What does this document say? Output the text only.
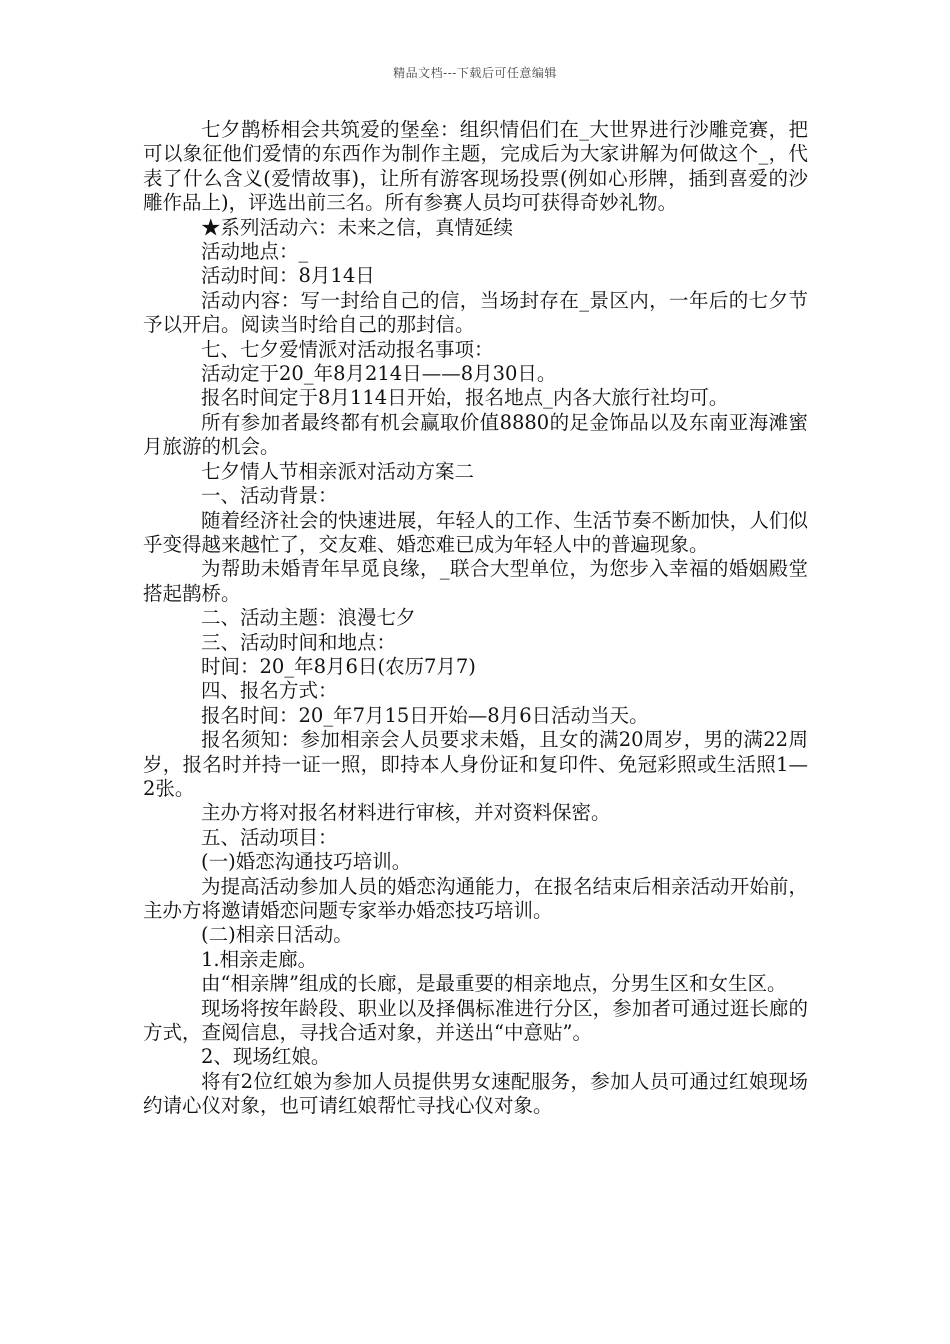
精品文档---下载后可任意编辑

七夕鹊桥相会共筑爱的堡垒：组织情侣们在_大世界进行沙雕竞赛，把可以象征他们爱情的东西作为制作主题，完成后为大家讲解为何做这个_，代表了什么含义(爱情故事)，让所有游客现场投票(例如心形牌，插到喜爱的沙雕作品上)，评选出前三名。所有参赛人员均可获得奇妙礼物。

★系列活动六：未来之信，真情延续

活动地点：_

活动时间：8月14日

活动内容：写一封给自己的信，当场封存在_景区内，一年后的七夕节予以开启。阅读当时给自己的那封信。

七、七夕爱情派对活动报名事项：

活动定于20_年8月214日——8月30日。

报名时间定于8月114日开始，报名地点_内各大旅行社均可。

所有参加者最终都有机会赢取价值8880的足金饰品以及东南亚海滩蜜月旅游的机会。

七夕情人节相亲派对活动方案二

一、活动背景：

随着经济社会的快速进展，年轻人的工作、生活节奏不断加快，人们似乎变得越来越忙了，交友难、婚恋难已成为年轻人中的普遍现象。

为帮助未婚青年早觅良缘，_联合大型单位，为您步入幸福的婚姻殿堂搭起鹊桥。

二、活动主题：浪漫七夕

三、活动时间和地点：

时间：20_年8月6日(农历7月7)

四、报名方式：

报名时间：20_年7月15日开始—8月6日活动当天。

报名须知：参加相亲会人员要求未婚，且女的满20周岁，男的满22周岁，报名时并持一证一照，即持本人身份证和复印件、免冠彩照或生活照1—2张。

主办方将对报名材料进行审核，并对资料保密。

五、活动项目：

(一)婚恋沟通技巧培训。

为提高活动参加人员的婚恋沟通能力，在报名结束后相亲活动开始前，主办方将邀请婚恋问题专家举办婚恋技巧培训。

(二)相亲日活动。

1.相亲走廊。

由“相亲牌”组成的长廊，是最重要的相亲地点，分男生区和女生区。

现场将按年龄段、职业以及择偶标准进行分区，参加者可通过逛长廊的方式，查阅信息，寻找合适对象，并送出“中意贴”。

2、现场红娘。

将有2位红娘为参加人员提供男女速配服务，参加人员可通过红娘现场约请心仪对象，也可请红娘帮忙寻找心仪对象。
